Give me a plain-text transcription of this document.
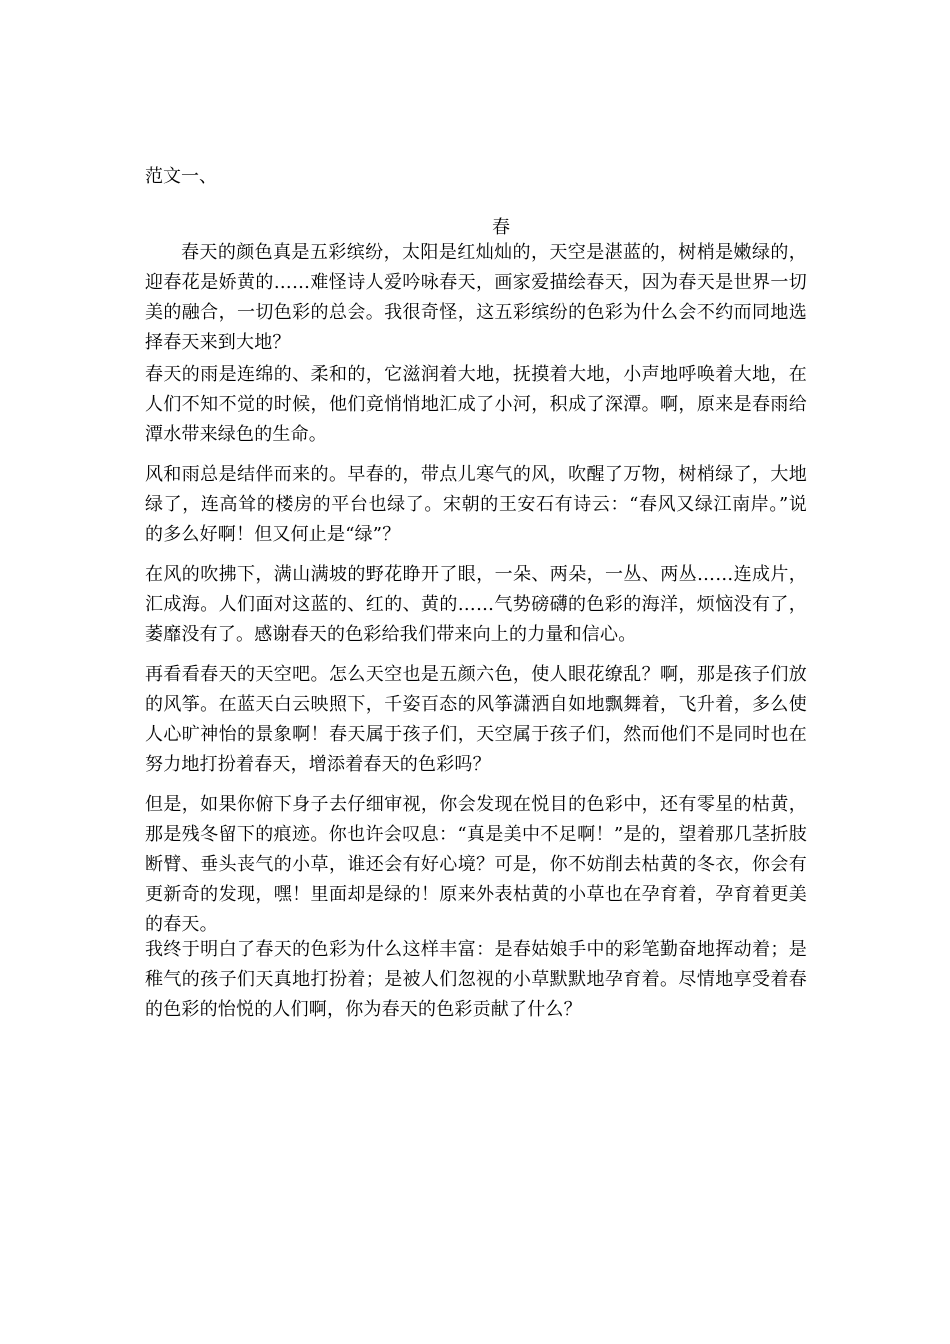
范文一、
春
春天的颜色真是五彩缤纷，太阳是红灿灿的，天空是湛蓝的，树梢是嫩绿的，迎春花是娇黄的……难怪诗人爱吟咏春天，画家爱描绘春天，因为春天是世界一切美的融合，一切色彩的总会。我很奇怪，这五彩缤纷的色彩为什么会不约而同地选择春天来到大地？
春天的雨是连绵的、柔和的，它滋润着大地，抚摸着大地，小声地呼唤着大地，在人们不知不觉的时候，他们竟悄悄地汇成了小河，积成了深潭。啊，原来是春雨给潭水带来绿色的生命。
风和雨总是结伴而来的。早春的，带点儿寒气的风，吹醒了万物，树梢绿了，大地绿了，连高耸的楼房的平台也绿了。宋朝的王安石有诗云：“春风又绿江南岸。”说的多么好啊！但又何止是“绿”？
在风的吹拂下，满山满坡的野花睁开了眼，一朵、两朵，一丛、两丛……连成片，汇成海。人们面对这蓝的、红的、黄的……气势磅礴的色彩的海洋，烦恼没有了，萎靡没有了。感谢春天的色彩给我们带来向上的力量和信心。
再看看春天的天空吧。怎么天空也是五颜六色，使人眼花缭乱？啊，那是孩子们放的风筝。在蓝天白云映照下，千姿百态的风筝潇洒自如地飘舞着，飞升着，多么使人心旷神怡的景象啊！春天属于孩子们，天空属于孩子们，然而他们不是同时也在努力地打扮着春天，增添着春天的色彩吗？
但是，如果你俯下身子去仔细审视，你会发现在悦目的色彩中，还有零星的枯黄，那是残冬留下的痕迹。你也许会叹息：“真是美中不足啊！”是的，望着那几茎折肢断臂、垂头丧气的小草，谁还会有好心境？可是，你不妨削去枯黄的冬衣，你会有更新奇的发现，嘿！里面却是绿的！原来外表枯黄的小草也在孕育着，孕育着更美的春天。
我终于明白了春天的色彩为什么这样丰富：是春姑娘手中的彩笔勤奋地挥动着；是稚气的孩子们天真地打扮着；是被人们忽视的小草默默地孕育着。尽情地享受着春的色彩的怡悦的人们啊，你为春天的色彩贡献了什么？
